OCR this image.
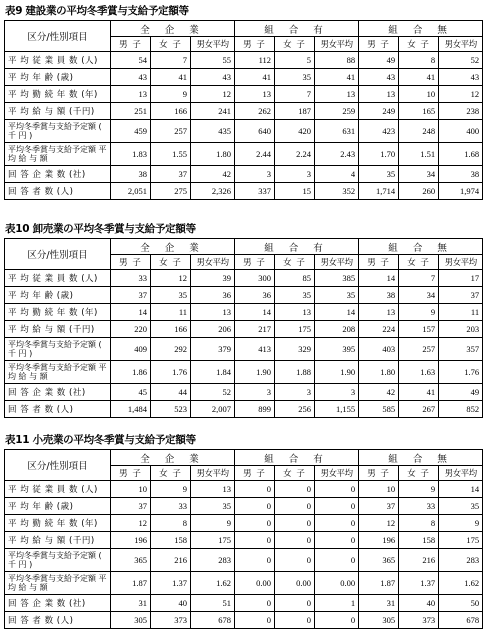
表9 建設業の平均冬季賞与支給予定額等
区分/性別項目	全 企 業			組 合 有			組 合 無		
	男 子	女 子	男女平均	男 子	女 子	男女平均	男 子	女 子	男女平均
平 均 従 業 員 数 (人)	54	7	55	112	5	88	49	8	52
平 均 年 齢 (歳)	43	41	43	41	35	41	43	41	43
平 均 勤 続 年 数 (年)	13	9	12	13	7	13	13	10	12
平 均 給 与 額 (千円)	251	166	241	262	187	259	249	165	238
平均冬季賞与支給予定額 ( 千 円 )	459	257	435	640	420	631	423	248	400
平均冬季賞与支給予定額 平 均 給 与 額	1.83	1.55	1.80	2.44	2.24	2.43	1.70	1.51	1.68
回 答 企 業 数 (社)	38	37	42	3	3	4	35	34	38
回 答 者 数 (人)	2,051	275	2,326	337	15	352	1,714	260	1,974
表10 卸売業の平均冬季賞与支給予定額等
区分/性別項目	全 企 業			組 合 有			組 合 無		
	男 子	女 子	男女平均	男 子	女 子	男女平均	男 子	女 子	男女平均
平 均 従 業 員 数 (人)	33	12	39	300	85	385	14	7	17
平 均 年 齢 (歳)	37	35	36	36	35	35	38	34	37
平 均 勤 続 年 数 (年)	14	11	13	14	13	14	13	9	11
平 均 給 与 額 (千円)	220	166	206	217	175	208	224	157	203
平均冬季賞与支給予定額 ( 千 円 )	409	292	379	413	329	395	403	257	357
平均冬季賞与支給予定額 平 均 給 与 額	1.86	1.76	1.84	1.90	1.88	1.90	1.80	1.63	1.76
回 答 企 業 数 (社)	45	44	52	3	3	3	42	41	49
回 答 者 数 (人)	1,484	523	2,007	899	256	1,155	585	267	852
表11 小売業の平均冬季賞与支給予定額等
区分/性別項目	全 企 業			組 合 有			組 合 無		
	男 子	女 子	男女平均	男 子	女 子	男女平均	男 子	女 子	男女平均
平 均 従 業 員 数 (人)	10	9	13	0	0	0	10	9	14
平 均 年 齢 (歳)	37	33	35	0	0	0	37	33	35
平 均 勤 続 年 数 (年)	12	8	9	0	0	0	12	8	9
平 均 給 与 額 (千円)	196	158	175	0	0	0	196	158	175
平均冬季賞与支給予定額 ( 千 円 )	365	216	283	0	0	0	365	216	283
平均冬季賞与支給予定額 平 均 給 与 額	1.87	1.37	1.62	0.00	0.00	0.00	1.87	1.37	1.62
回 答 企 業 数 (社)	31	40	51	0	0	1	31	40	50
回 答 者 数 (人)	305	373	678	0	0	0	305	373	678
